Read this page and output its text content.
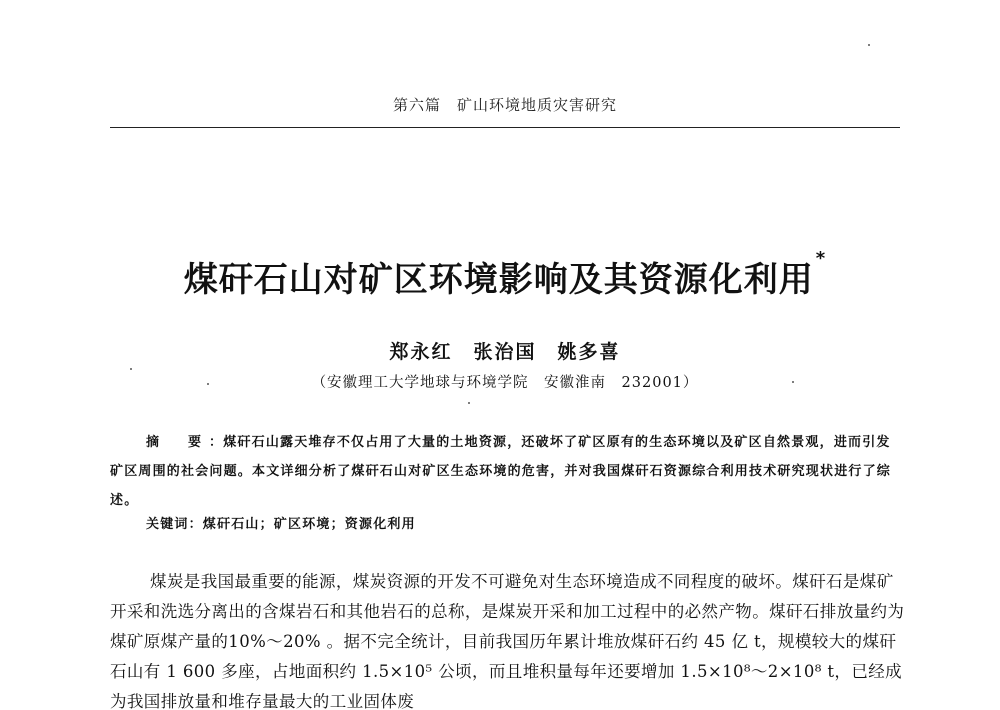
第六篇　矿山环境地质灾害研究
煤矸石山对矿区环境影响及其资源化利用*
郑永红　张治国　姚多喜
（安徽理工大学地球与环境学院　安徽淮南　232001）
摘　要：煤矸石山露天堆存不仅占用了大量的土地资源，还破坏了矿区原有的生态环境以及矿区自然景观，进而引发矿区周围的社会问题。本文详细分析了煤矸石山对矿区生态环境的危害，并对我国煤矸石资源综合利用技术研究现状进行了综述。
关键词：煤矸石山；矿区环境；资源化利用
煤炭是我国最重要的能源，煤炭资源的开发不可避免对生态环境造成不同程度的破坏。煤矸石是煤矿开采和洗选分离出的含煤岩石和其他岩石的总称，是煤炭开采和加工过程中的必然产物。煤矸石排放量约为煤矿原煤产量的10%～20% 。据不完全统计，目前我国历年累计堆放煤矸石约 45 亿 t，规模较大的煤矸石山有 1 600 多座，占地面积约 1.5×10⁵ 公顷，而且堆积量每年还要增加 1.5×10⁸～2×10⁸ t，已经成为我国排放量和堆存量最大的工业固体废
